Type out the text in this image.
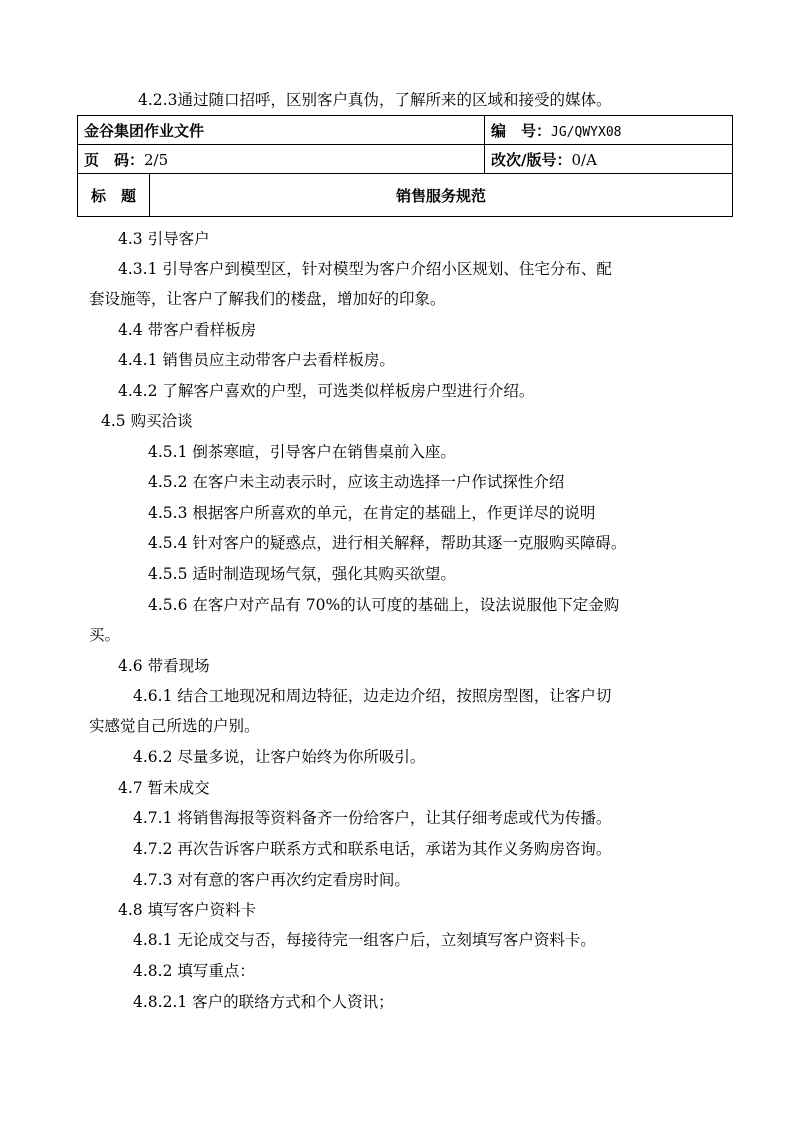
4.2.3通过随口招呼，区别客户真伪，了解所来的区域和接受的媒体。
金谷集团作业文件		编　号：JG/QWYX08
页　码：2/5		改次/版号：0/A
标　题	销售服务规范	
4.3 引导客户
4.3.1 引导客户到模型区，针对模型为客户介绍小区规划、住宅分布、配
套设施等，让客户了解我们的楼盘，增加好的印象。
4.4 带客户看样板房
4.4.1 销售员应主动带客户去看样板房。
4.4.2 了解客户喜欢的户型，可选类似样板房户型进行介绍。
4.5 购买洽谈
4.5.1 倒茶寒暄，引导客户在销售桌前入座。
4.5.2 在客户未主动表示时，应该主动选择一户作试探性介绍
4.5.3 根据客户所喜欢的单元，在肯定的基础上，作更详尽的说明
4.5.4 针对客户的疑惑点，进行相关解释，帮助其逐一克服购买障碍。
4.5.5 适时制造现场气氛，强化其购买欲望。
4.5.6 在客户对产品有 70%的认可度的基础上，设法说服他下定金购
买。
4.6 带看现场
4.6.1 结合工地现况和周边特征，边走边介绍，按照房型图，让客户切
实感觉自己所选的户别。
4.6.2 尽量多说，让客户始终为你所吸引。
4.7 暂未成交
4.7.1 将销售海报等资料备齐一份给客户，让其仔细考虑或代为传播。
4.7.2 再次告诉客户联系方式和联系电话，承诺为其作义务购房咨询。
4.7.3 对有意的客户再次约定看房时间。
4.8 填写客户资料卡
4.8.1 无论成交与否，每接待完一组客户后，立刻填写客户资料卡。
4.8.2 填写重点：
4.8.2.1 客户的联络方式和个人资讯；
